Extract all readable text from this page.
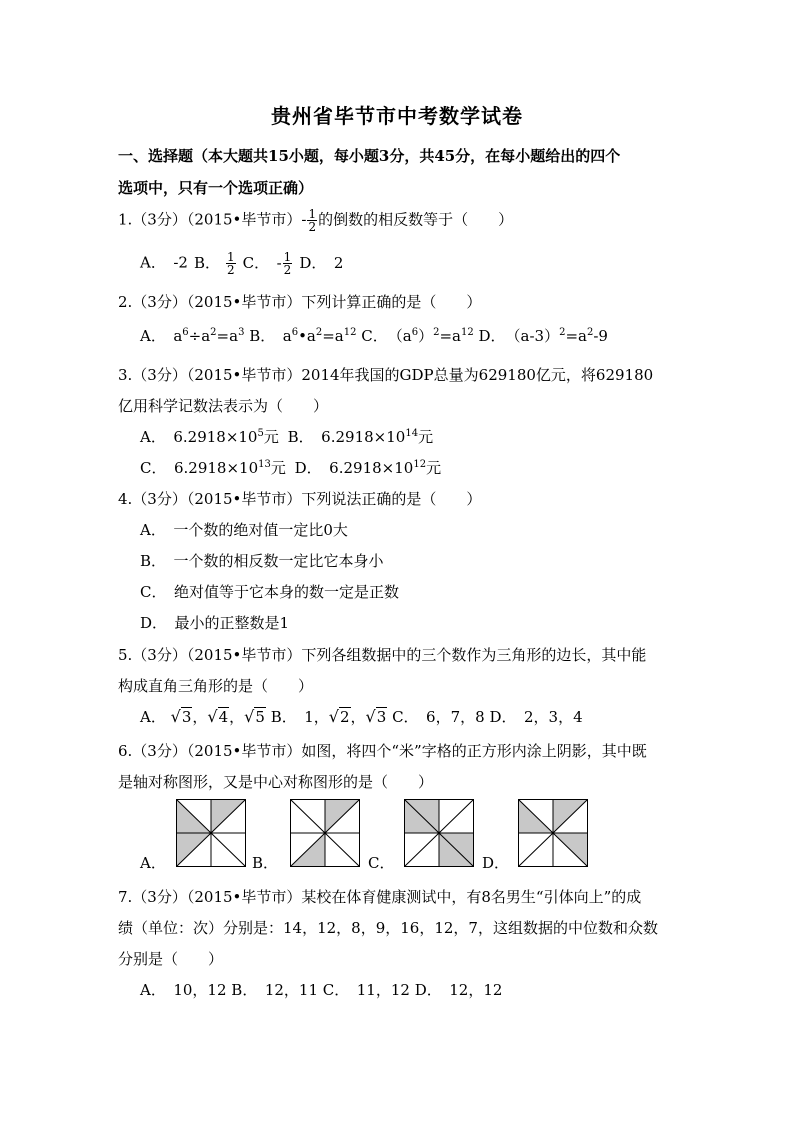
贵州省毕节市中考数学试卷
一、选择题（本大题共15小题，每小题3分，共45分，在每小题给出的四个
选项中，只有一个选项正确）
1.（3分）（2015•毕节市）- $\frac{1}{2}$ 的倒数的相反数等于（　　）
A．　-2 B． $\frac{1}{2}$ C．　- $\frac{1}{2}$ D．　2
2.（3分）（2015•毕节市）下列计算正确的是（　　）
A．　$a^6\div a^2=a^3$ B．　$a^6•a^2=a^{12}$ C．　$(a^6)^2=a^{12}$ D．　$(a-3)^2=a^2-9$
3.（3分）（2015•毕节市）2014年我国的GDP总量为629180亿元，将629180
亿用科学记数法表示为（　　）
A．　$6.2918\times 10^5$元 B．　$6.2918\times 10^{14}$元
C．　$6.2918\times 10^{13}$元 D．　$6.2918\times 10^{12}$元
4.（3分）（2015•毕节市）下列说法正确的是（　　）
A．　一个数的绝对值一定比0大
B．　一个数的相反数一定比它本身小
C．　绝对值等于它本身的数一定是正数
D．　最小的正整数是1
5.（3分）（2015•毕节市）下列各组数据中的三个数作为三角形的边长，其中能
构成直角三角形的是（　　）
A． √3，√4，√5 B．　1，√2，√3 C．　6，7，8 D．　2，3，4
6.（3分）（2015•毕节市）如图，将四个“米”字格的正方形内涂上阴影，其中既
是轴对称图形，又是中心对称图形的是（　　）
A．	B．	C．	D．
7.（3分）（2015•毕节市）某校在体育健康测试中，有8名男生“引体向上”的成
绩（单位：次）分别是：14，12，8，9，16，12，7，这组数据的中位数和众数
分别是（　　）
A．　10，12 B．　12，11 C．　11，12 D．　12，12
